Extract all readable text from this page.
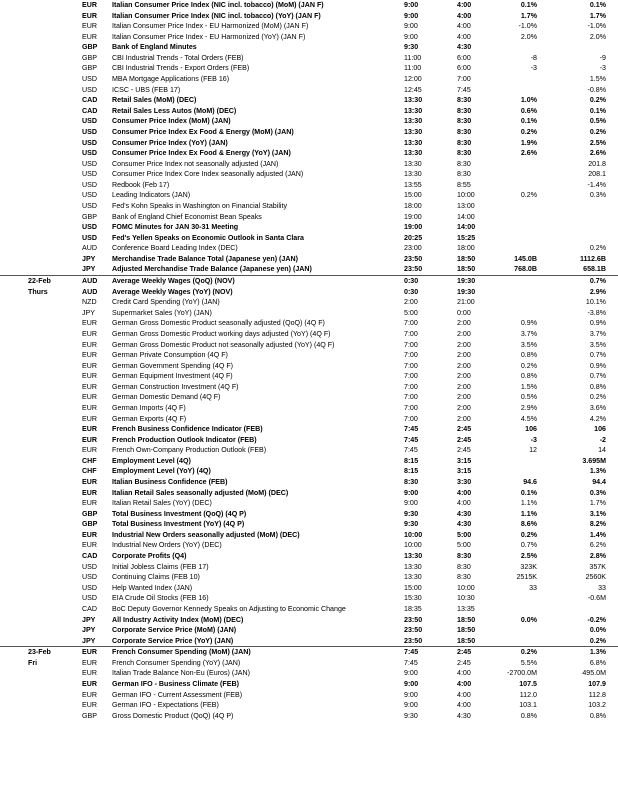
EUR	Italian Consumer Price Index (NIC incl. tobacco) (MoM) (JAN F)	9:00	4:00	0.1%	0.1%
EUR	Italian Consumer Price Index (NIC incl. tobacco) (YoY) (JAN F)	9:00	4:00	1.7%	1.7%
EUR	Italian Consumer Price Index - EU Harmonized (MoM) (JAN F)	9:00	4:00	-1.0%	-1.0%
EUR	Italian Consumer Price Index - EU Harmonized (YoY) (JAN F)	9:00	4:00	2.0%	2.0%
GBP	Bank of England Minutes	9:30	4:30
GBP	CBI Industrial Trends - Total Orders (FEB)	11:00	6:00	-8	-9
GBP	CBI Industrial Trends - Export Orders (FEB)	11:00	6:00	-3	-3
USD	MBA Mortgage Applications (FEB 16)	12:00	7:00	1.5%
USD	ICSC - UBS (FEB 17)	12:45	7:45	-0.8%
CAD	Retail Sales (MoM) (DEC)	13:30	8:30	1.0%	0.2%
CAD	Retail Sales Less Autos (MoM) (DEC)	13:30	8:30	0.6%	0.1%
USD	Consumer Price Index (MoM) (JAN)	13:30	8:30	0.1%	0.5%
USD	Consumer Price Index Ex Food & Energy (MoM) (JAN)	13:30	8:30	0.2%	0.2%
USD	Consumer Price Index (YoY) (JAN)	13:30	8:30	1.9%	2.5%
USD	Consumer Price Index Ex Food & Energy (YoY) (JAN)	13:30	8:30	2.6%	2.6%
USD	Consumer Price Index not seasonally adjusted (JAN)	13:30	8:30	201.8
USD	Consumer Price Index Core Index seasonally adjusted (JAN)	13:30	8:30	208.1
USD	Redbook (Feb 17)	13:55	8:55	-1.4%
USD	Leading Indicators (JAN)	15:00	10:00	0.2%	0.3%
USD	Fed's Kohn Speaks in Washington on Financial Stability	18:00	13:00
GBP	Bank of England Chief Economist Bean Speaks	19:00	14:00
USD	FOMC Minutes for JAN 30-31 Meeting	19:00	14:00
USD	Fed's Yellen Speaks on Economic Outlook in Santa Clara	20:25	15:25
AUD	Conference Board Leading Index (DEC)	23:00	18:00	0.2%
JPY	Merchandise Trade Balance Total (Japanese yen) (JAN)	23:50	18:50	145.0B	1112.6B
JPY	Adjusted Merchandise Trade Balance (Japanese yen) (JAN)	23:50	18:50	768.0B	658.1B
22-Feb	AUD	Average Weekly Wages (QoQ) (NOV)	0:30	19:30	0.7%
Thurs	AUD	Average Weekly Wages (YoY) (NOV)	0:30	19:30	2.9%
NZD	Credit Card Spending (YoY) (JAN)	2:00	21:00	10.1%
JPY	Supermarket Sales (YoY) (JAN)	5:00	0:00	-3.8%
EUR	German Gross Domestic Product seasonally adjusted (QoQ) (4Q F)	7:00	2:00	0.9%	0.9%
EUR	German Gross Domestic Product working days adjusted (YoY) (4Q F)	7:00	2:00	3.7%	3.7%
EUR	German Gross Domestic Product not seasonally adjusted (YoY) (4Q F)	7:00	2:00	3.5%	3.5%
EUR	German Private Consumption (4Q F)	7:00	2:00	0.8%	0.7%
EUR	German Government Spending (4Q F)	7:00	2:00	0.2%	0.9%
EUR	German Equipment Investment (4Q F)	7:00	2:00	0.8%	0.7%
EUR	German Construction Investment (4Q F)	7:00	2:00	1.5%	0.8%
EUR	German Domestic Demand (4Q F)	7:00	2:00	0.5%	0.2%
EUR	German Imports (4Q F)	7:00	2:00	2.9%	3.6%
EUR	German Exports (4Q F)	7:00	2:00	4.5%	4.2%
EUR	French Business Confidence Indicator (FEB)	7:45	2:45	106	106
EUR	French Production Outlook Indicator (FEB)	7:45	2:45	-3	-2
EUR	French Own-Company Production Outlook (FEB)	7:45	2:45	12	14
CHF	Employment Level (4Q)	8:15	3:15	3.695M
CHF	Employment Level (YoY) (4Q)	8:15	3:15	1.3%
EUR	Italian Business Confidence (FEB)	8:30	3:30	94.6	94.4
EUR	Italian Retail Sales seasonally adjusted (MoM) (DEC)	9:00	4:00	0.1%	0.3%
EUR	Italian Retail Sales (YoY) (DEC)	9:00	4:00	1.1%	1.7%
GBP	Total Business Investment (QoQ) (4Q P)	9:30	4:30	1.1%	3.1%
GBP	Total Business Investment (YoY) (4Q P)	9:30	4:30	8.6%	8.2%
EUR	Industrial New Orders seasonally adjusted (MoM) (DEC)	10:00	5:00	0.2%	1.4%
EUR	Industrial New Orders (YoY) (DEC)	10:00	5:00	0.7%	6.2%
CAD	Corporate Profits (Q4)	13:30	8:30	2.5%	2.8%
USD	Initial Jobless Claims (FEB 17)	13:30	8:30	323K	357K
USD	Continuing Claims (FEB 10)	13:30	8:30	2515K	2560K
USD	Help Wanted Index (JAN)	15:00	10:00	33	33
USD	EIA Crude Oil Stocks (FEB 16)	15:30	10:30	-0.6M
CAD	BoC Deputy Governor Kennedy Speaks on Adjusting to Economic Change	18:35	13:35
JPY	All Industry Activity Index (MoM) (DEC)	23:50	18:50	0.0%	-0.2%
JPY	Corporate Service Price (MoM) (JAN)	23:50	18:50	0.0%
JPY	Corporate Service Price (YoY) (JAN)	23:50	18:50	0.2%
23-Feb	EUR	French Consumer Spending (MoM) (JAN)	7:45	2:45	0.2%	1.3%
Fri	EUR	French Consumer Spending (YoY) (JAN)	7:45	2:45	5.5%	6.8%
EUR	Italian Trade Balance Non-Eu (Euros) (JAN)	9:00	4:00	-2700.0M	495.0M
EUR	German IFO - Business Climate (FEB)	9:00	4:00	107.5	107.9
EUR	German IFO - Current Assessment (FEB)	9:00	4:00	112.0	112.8
EUR	German IFO - Expectations (FEB)	9:00	4:00	103.1	103.2
GBP	Gross Domestic Product (QoQ) (4Q P)	9:30	4:30	0.8%	0.8%
